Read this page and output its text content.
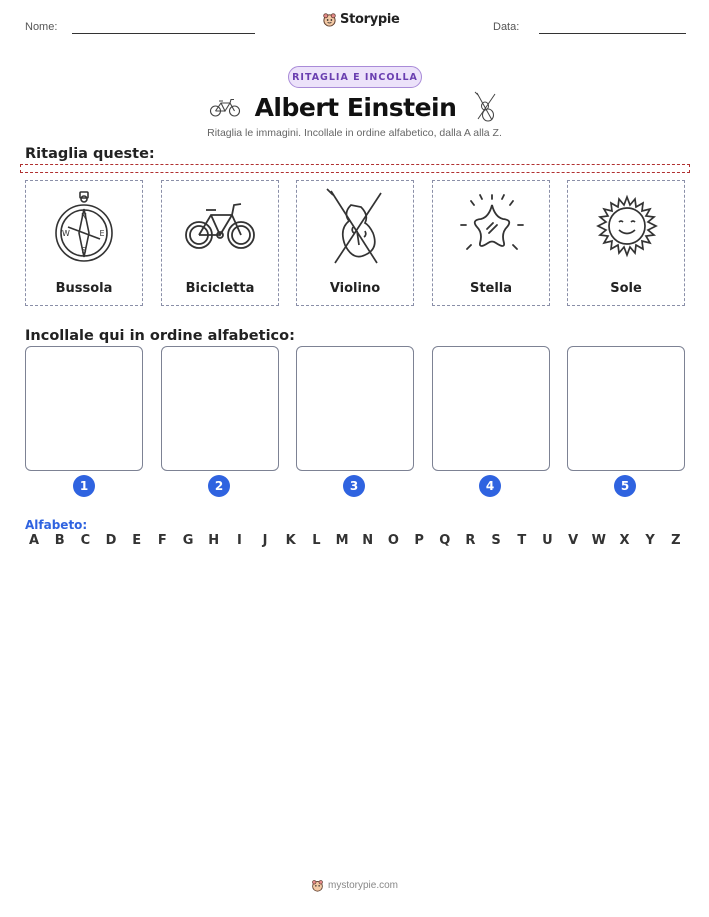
Nome:	Storypie	Data:
RITAGLIA E INCOLLA
Albert Einstein
Ritaglia le immagini. Incollale in ordine alfabetico, dalla A alla Z.
Ritaglia queste:
N
S
W	E
Bussola	Bicicletta	Violino	Stella	Sole
Incollale qui in ordine alfabetico:
1	2	3	4	5
Alfabeto:
A	B	C	D	E	F	G H	I	J	K	L	M N O	P	Q	R	S	T	U	V	W	X	Y	Z
mystorypie.com
